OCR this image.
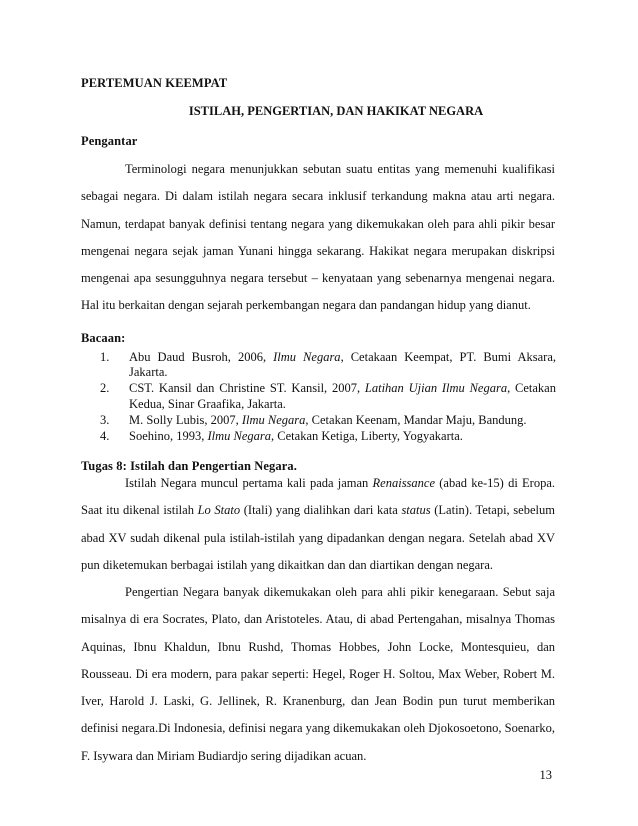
PERTEMUAN KEEMPAT
ISTILAH, PENGERTIAN, DAN HAKIKAT NEGARA
Pengantar

Terminologi negara menunjukkan sebutan suatu entitas yang memenuhi kualifikasi sebagai negara. Di dalam istilah negara secara inklusif terkandung makna atau arti negara. Namun, terdapat banyak definisi tentang negara yang dikemukakan oleh para ahli pikir besar mengenai negara sejak jaman Yunani hingga sekarang. Hakikat negara merupakan diskripsi mengenai apa sesungguhnya negara tersebut – kenyataan yang sebenarnya mengenai negara. Hal itu berkaitan dengan sejarah perkembangan negara dan pandangan hidup yang dianut.

Bacaan:
1. Abu Daud Busroh, 2006, Ilmu Negara, Cetakaan Keempat, PT. Bumi Aksara, Jakarta.
2. CST. Kansil dan Christine ST. Kansil, 2007, Latihan Ujian Ilmu Negara, Cetakan Kedua, Sinar Graafika, Jakarta.
3. M. Solly Lubis, 2007, Ilmu Negara, Cetakan Keenam, Mandar Maju, Bandung.
4. Soehino, 1993, Ilmu Negara, Cetakan Ketiga, Liberty, Yogyakarta.
Tugas 8: Istilah dan Pengertian Negara.

Istilah Negara muncul pertama kali pada jaman Renaissance (abad ke-15) di Eropa. Saat itu dikenal istilah Lo Stato (Itali) yang dialihkan dari kata status (Latin). Tetapi, sebelum abad XV sudah dikenal pula istilah-istilah yang dipadankan dengan negara. Setelah abad XV pun diketemukan berbagai istilah yang dikaitkan dan dan diartikan dengan negara.

Pengertian Negara banyak dikemukakan oleh para ahli pikir kenegaraan. Sebut saja misalnya di era Socrates, Plato, dan Aristoteles. Atau, di abad Pertengahan, misalnya Thomas Aquinas, Ibnu Khaldun, Ibnu Rushd, Thomas Hobbes, John Locke, Montesquieu, dan Rousseau. Di era modern, para pakar seperti: Hegel, Roger H. Soltou, Max Weber, Robert M. Iver, Harold J. Laski, G. Jellinek, R. Kranenburg, dan Jean Bodin pun turut memberikan definisi negara.Di Indonesia, definisi negara yang dikemukakan oleh Djokosoetono, Soenarko, F. Isywara dan Miriam Budiardjo sering dijadikan acuan.

13
